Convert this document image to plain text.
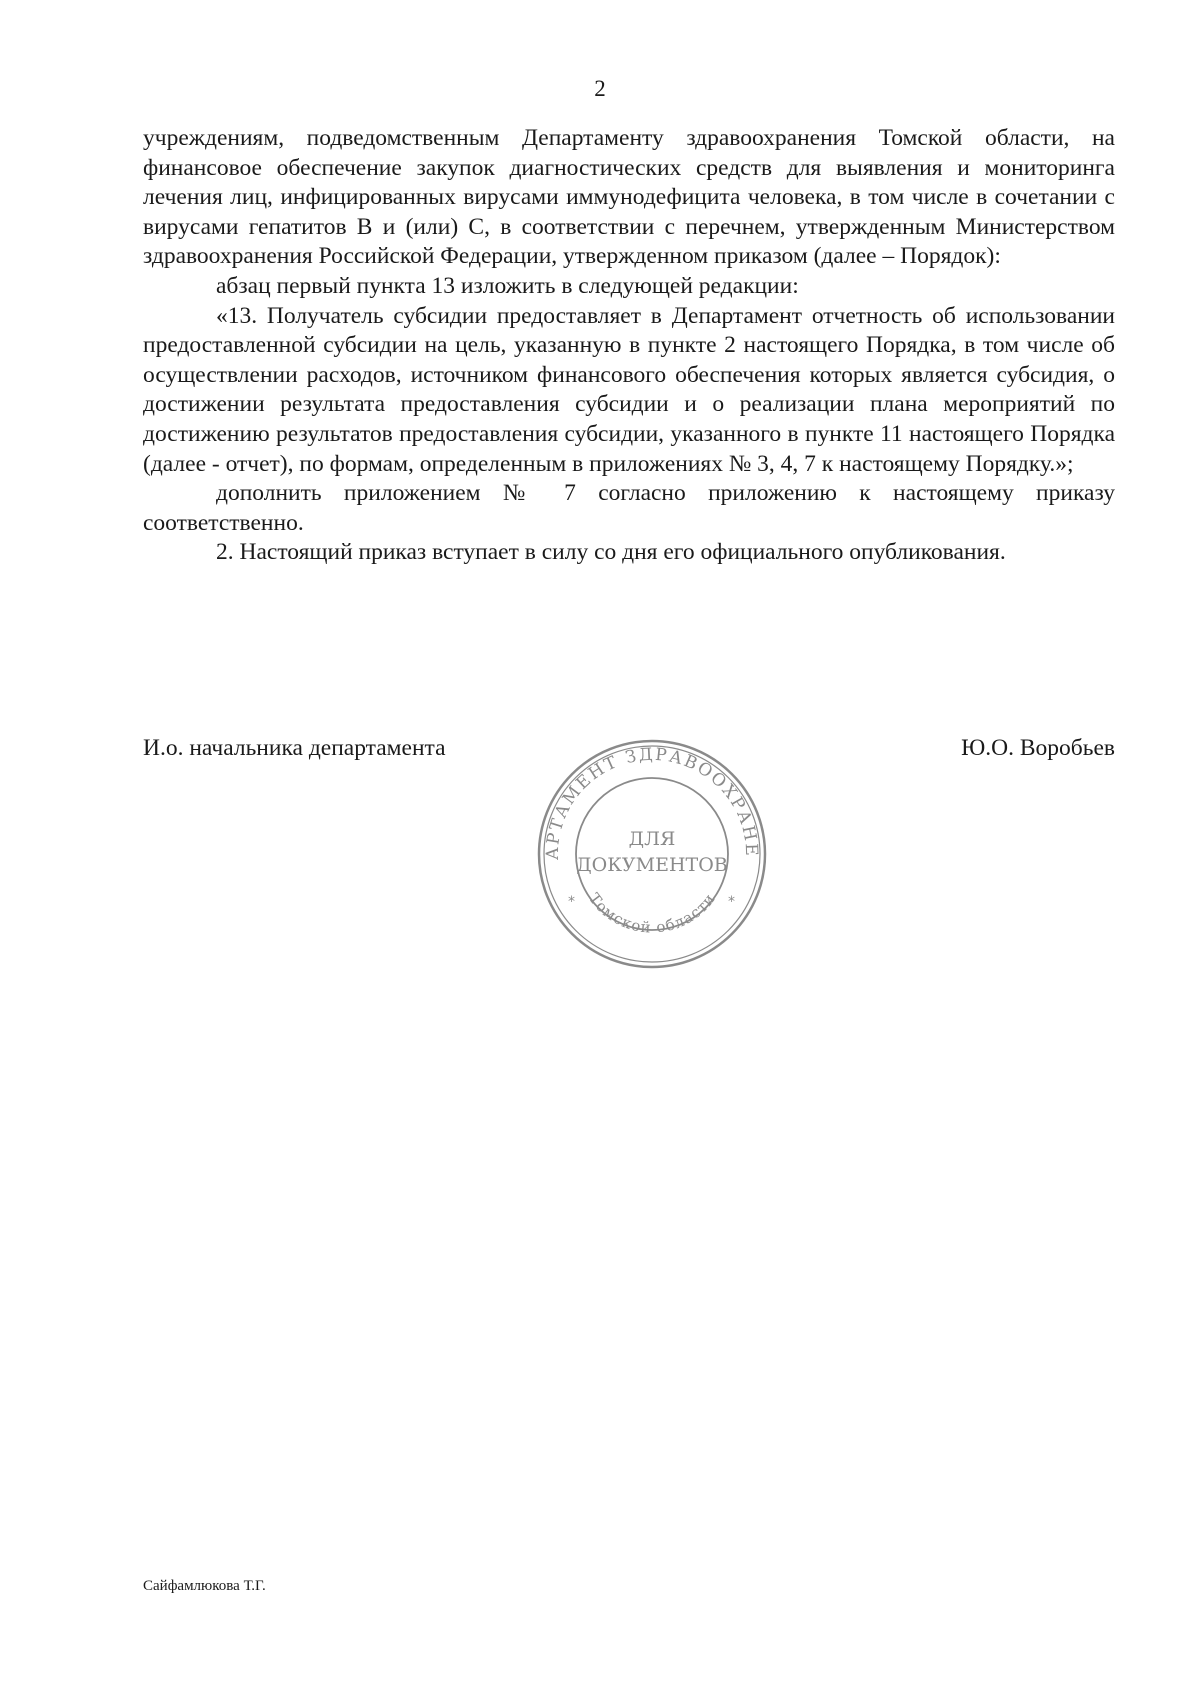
2

учреждениям, подведомственным Департаменту здравоохранения Томской области, на финансовое обеспечение закупок диагностических средств для выявления и мониторинга лечения лиц, инфицированных вирусами иммунодефицита человека, в том числе в сочетании с вирусами гепатитов B и (или) C, в соответствии с перечнем, утвержденным Министерством здравоохранения Российской Федерации, утвержденном приказом (далее – Порядок):

абзац первый пункта 13 изложить в следующей редакции:

«13. Получатель субсидии предоставляет в Департамент отчетность об использовании предоставленной субсидии на цель, указанную в пункте 2 настоящего Порядка, в том числе об осуществлении расходов, источником финансового обеспечения которых является субсидия, о достижении результата предоставления субсидии и о реализации плана мероприятий по достижению результатов предоставления субсидии, указанного в пункте 11 настоящего Порядка (далее - отчет), по формам, определенным в приложениях № 3, 4, 7 к настоящему Порядку.»;

дополнить приложением № 7 согласно приложению к настоящему приказу соответственно.

2. Настоящий приказ вступает в силу со дня его официального опубликования.

И.о. начальника департамента	Ю.О. Воробьев
АРТАМЕНТ ЗДРАВООХРАНЕ
*	*
Томской области
ДЛЯ
ДОКУМЕНТОВ
Сайфамлюкова Т.Г.
